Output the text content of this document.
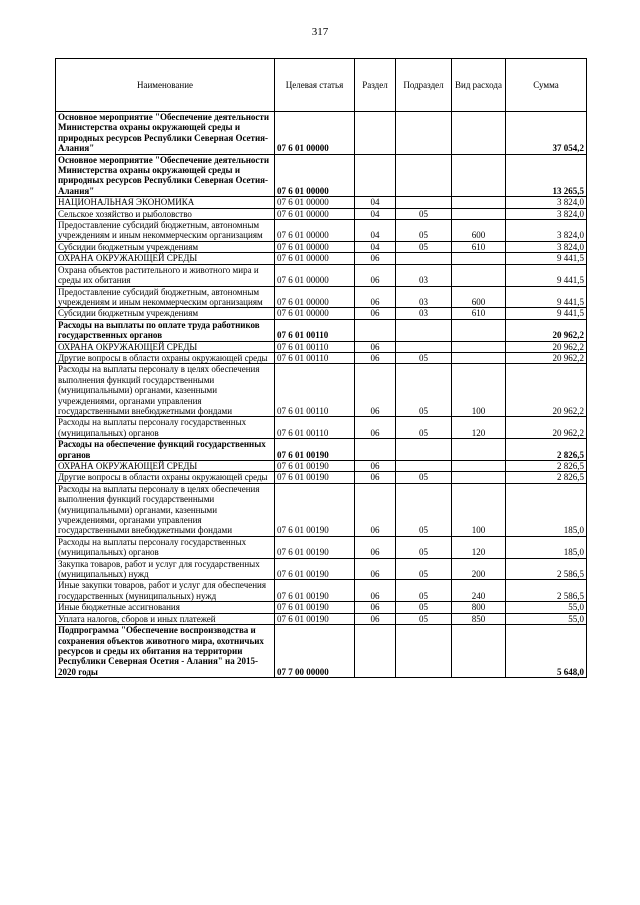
317
Наименование	Целевая статья	Раздел	Подраздел	Вид расхода	Сумма
Основное мероприятие "Обеспечение деятельности Министерства охраны окружающей среды и природных ресурсов Республики Северная Осетия-Алания"	07 6 01 00000				37 054,2
Основное мероприятие "Обеспечение деятельности Министерства охраны окружающей среды и природных ресурсов Республики Северная Осетия-Алания"	07 6 01 00000				13 265,5
НАЦИОНАЛЬНАЯ ЭКОНОМИКА	07 6 01 00000	04			3 824,0
Сельское хозяйство и рыболовство	07 6 01 00000	04	05		3 824,0
Предоставление субсидий бюджетным, автономным учреждениям и иным некоммерческим организациям	07 6 01 00000	04	05	600	3 824,0
Субсидии бюджетным учреждениям	07 6 01 00000	04	05	610	3 824,0
ОХРАНА ОКРУЖАЮЩЕЙ СРЕДЫ	07 6 01 00000	06			9 441,5
Охрана объектов растительного и животного мира и среды их обитания	07 6 01 00000	06	03		9 441,5
Предоставление субсидий бюджетным, автономным учреждениям и иным некоммерческим организациям	07 6 01 00000	06	03	600	9 441,5
Субсидии бюджетным учреждениям	07 6 01 00000	06	03	610	9 441,5
Расходы на выплаты по оплате труда работников государственных органов	07 6 01 00110				20 962,2
ОХРАНА ОКРУЖАЮЩЕЙ СРЕДЫ	07 6 01 00110	06			20 962,2
Другие вопросы в области охраны окружающей среды	07 6 01 00110	06	05		20 962,2
Расходы на выплаты персоналу в целях обеспечения выполнения функций государственными (муниципальными) органами, казенными учреждениями, органами управления государственными внебюджетными фондами	07 6 01 00110	06	05	100	20 962,2
Расходы на выплаты персоналу государственных (муниципальных) органов	07 6 01 00110	06	05	120	20 962,2
Расходы на обеспечение функций государственных органов	07 6 01 00190				2 826,5
ОХРАНА ОКРУЖАЮЩЕЙ СРЕДЫ	07 6 01 00190	06			2 826,5
Другие вопросы в области охраны окружающей среды	07 6 01 00190	06	05		2 826,5
Расходы на выплаты персоналу в целях обеспечения выполнения функций государственными (муниципальными) органами, казенными учреждениями, органами управления государственными внебюджетными фондами	07 6 01 00190	06	05	100	185,0
Расходы на выплаты персоналу государственных (муниципальных) органов	07 6 01 00190	06	05	120	185,0
Закупка товаров, работ и услуг для государственных (муниципальных) нужд	07 6 01 00190	06	05	200	2 586,5
Иные закупки товаров, работ и услуг для обеспечения государственных (муниципальных) нужд	07 6 01 00190	06	05	240	2 586,5
Иные бюджетные ассигнования	07 6 01 00190	06	05	800	55,0
Уплата налогов, сборов и иных платежей	07 6 01 00190	06	05	850	55,0
Подпрограмма "Обеспечение воспроизводства и сохранения объектов животного мира, охотничьих ресурсов и среды их обитания на территории Республики Северная Осетия - Алания" на 2015-2020 годы	07 7 00 00000				5 648,0
